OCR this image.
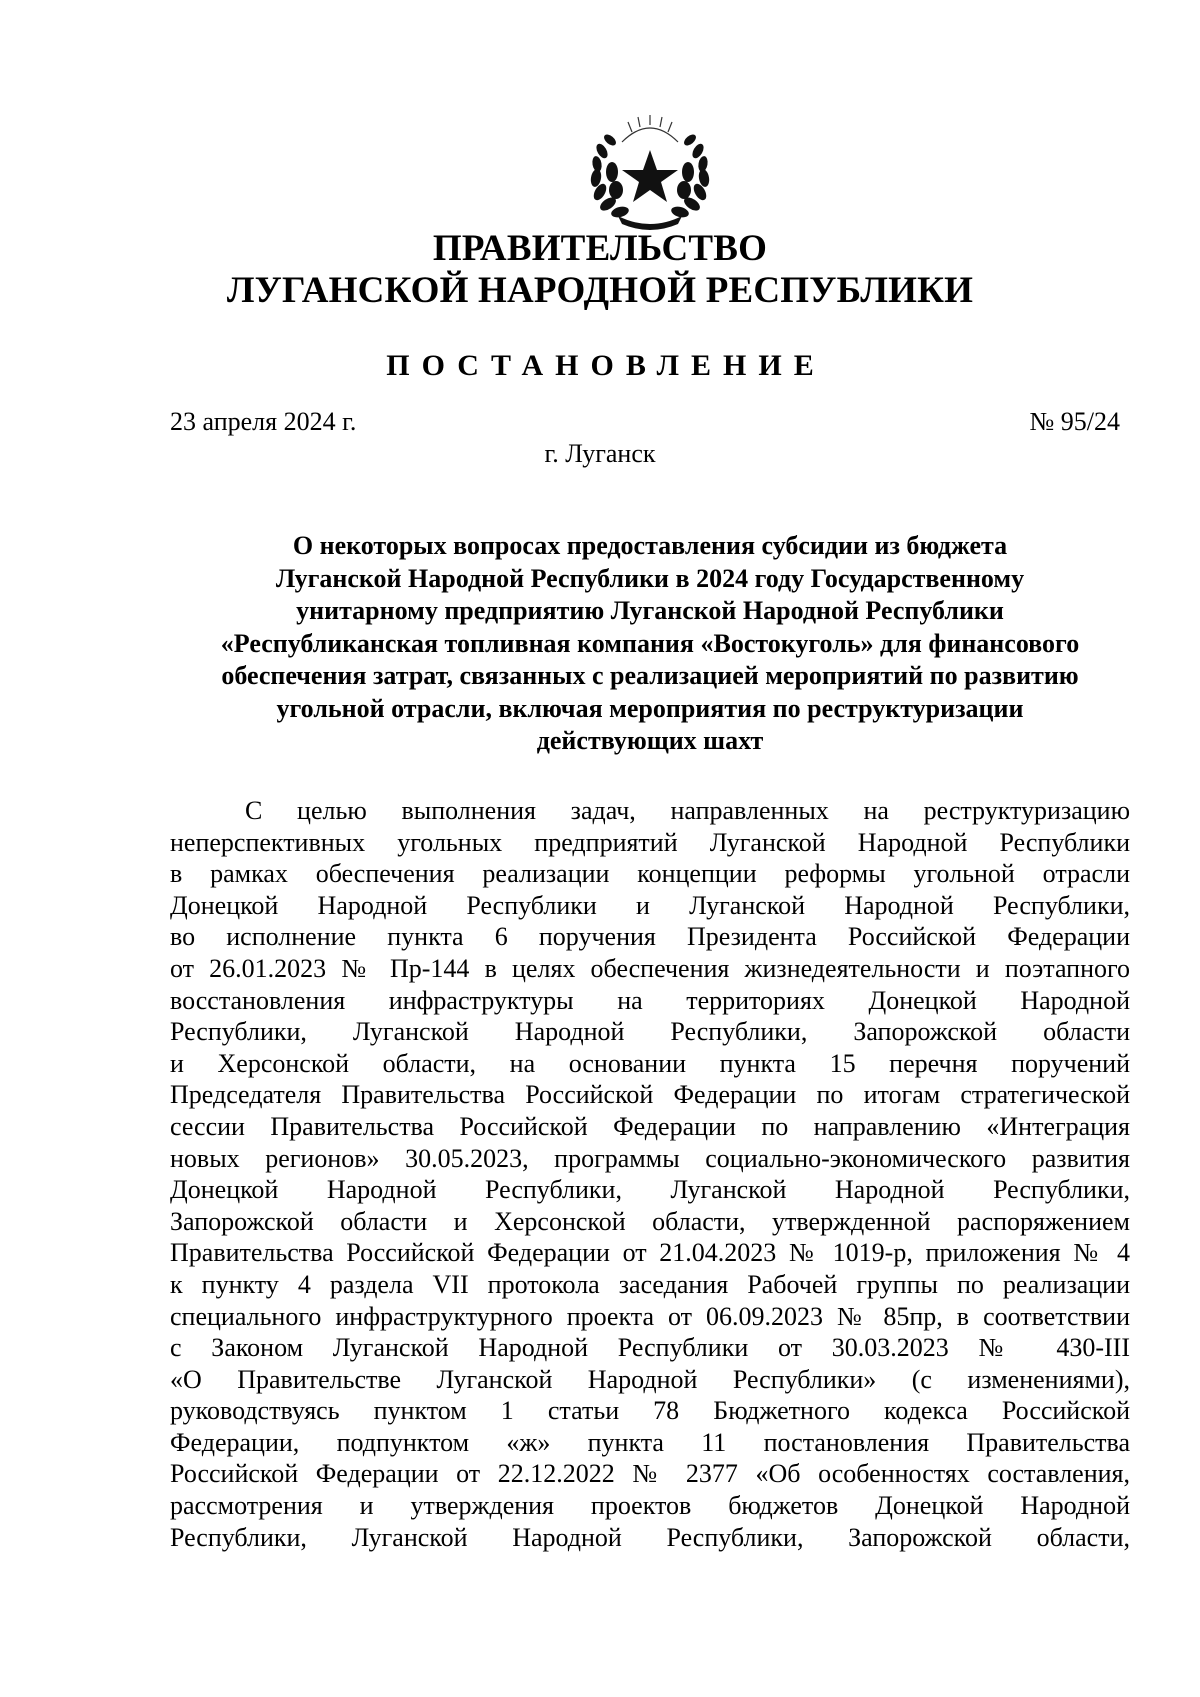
ПРАВИТЕЛЬСТВО
ЛУГАНСКОЙ НАРОДНОЙ РЕСПУБЛИКИ
ПОСТАНОВЛЕНИЕ
23 апреля 2024 г.	№ 95/24
г. Луганск
О некоторых вопросах предоставления субсидии из бюджета
Луганской Народной Республики в 2024 году Государственному
унитарному предприятию Луганской Народной Республики
«Республиканская топливная компания «Востокуголь» для финансового
обеспечения затрат, связанных с реализацией мероприятий по развитию
угольной отрасли, включая мероприятия по реструктуризации
действующих шахт
С целью выполнения задач, направленных на реструктуризацию
неперспективных угольных предприятий Луганской Народной Республики
в рамках обеспечения реализации концепции реформы угольной отрасли
Донецкой Народной Республики и Луганской Народной Республики,
во исполнение пункта 6 поручения Президента Российской Федерации
от 26.01.2023 № Пр-144 в целях обеспечения жизнедеятельности и поэтапного
восстановления инфраструктуры на территориях Донецкой Народной
Республики, Луганской Народной Республики, Запорожской области
и Херсонской области, на основании пункта 15 перечня поручений
Председателя Правительства Российской Федерации по итогам стратегической
сессии Правительства Российской Федерации по направлению «Интеграция
новых регионов» 30.05.2023, программы социально-экономического развития
Донецкой Народной Республики, Луганской Народной Республики,
Запорожской области и Херсонской области, утвержденной распоряжением
Правительства Российской Федерации от 21.04.2023 № 1019-р, приложения № 4
к пункту 4 раздела VII протокола заседания Рабочей группы по реализации
специального инфраструктурного проекта от 06.09.2023 № 85пр, в соответствии
с Законом Луганской Народной Республики от 30.03.2023 № 430-III
«О Правительстве Луганской Народной Республики» (с изменениями),
руководствуясь пунктом 1 статьи 78 Бюджетного кодекса Российской
Федерации, подпунктом «ж» пункта 11 постановления Правительства
Российской Федерации от 22.12.2022 № 2377 «Об особенностях составления,
рассмотрения и утверждения проектов бюджетов Донецкой Народной
Республики, Луганской Народной Республики, Запорожской области,
